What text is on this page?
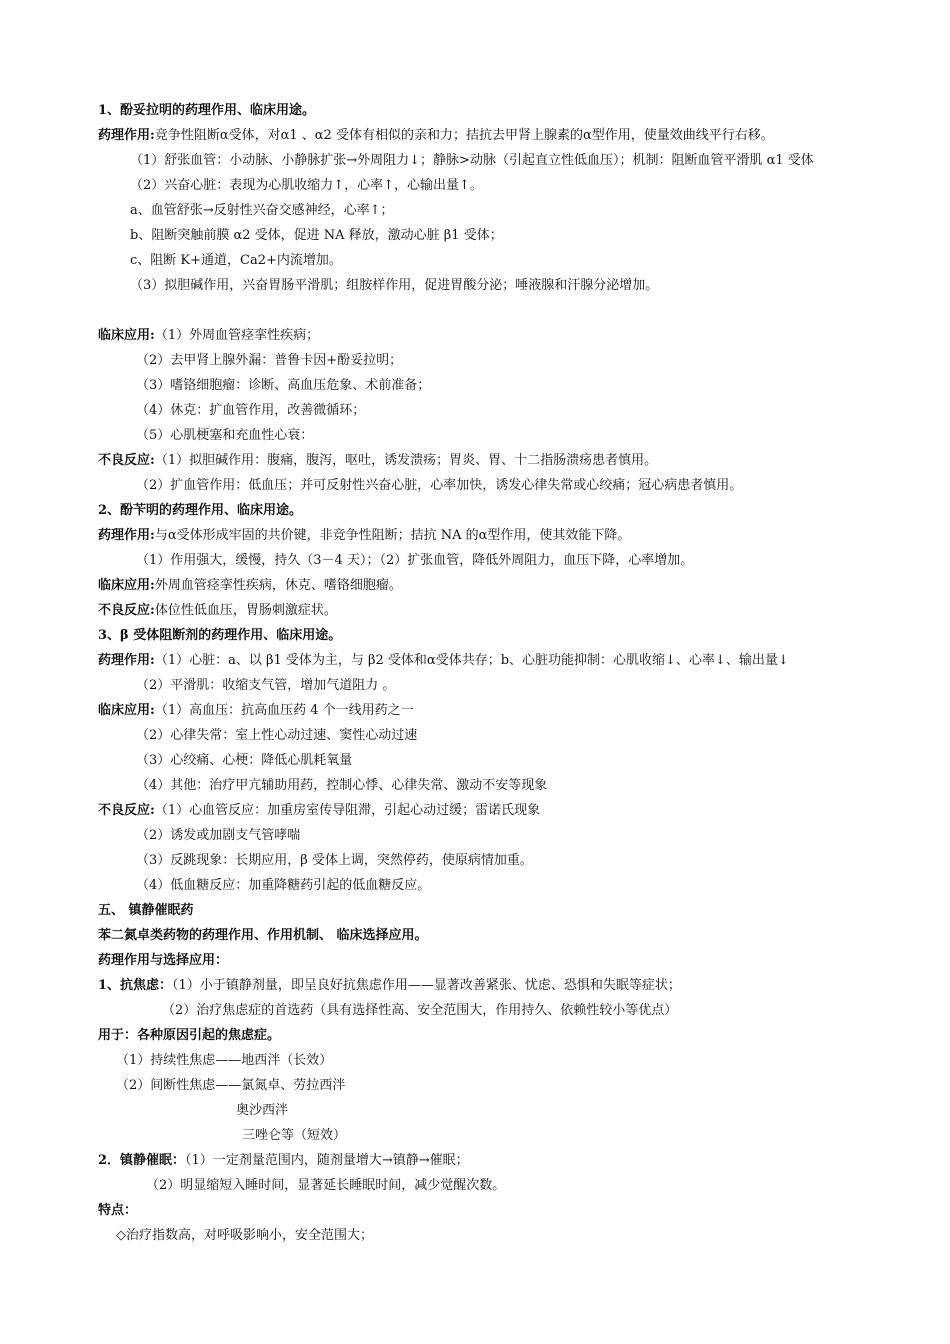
1、酚妥拉明的药理作用、临床用途。
药理作用:竞争性阻断α受体，对α1 、α2 受体有相似的亲和力；拮抗去甲肾上腺素的α型作用，使量效曲线平行右移。
（1）舒张血管：小动脉、小静脉扩张→外周阻力↓；静脉>动脉（引起直立性低血压）；机制：阻断血管平滑肌 α1 受体
（2）兴奋心脏：表现为心肌收缩力↑，心率↑，心输出量↑。
a、血管舒张→反射性兴奋交感神经，心率↑；
b、阻断突触前膜 α2 受体，促进 NA 释放，激动心脏 β1 受体；
c、阻断 K+通道，Ca2+内流增加。
（3）拟胆碱作用，兴奋胃肠平滑肌；组胺样作用，促进胃酸分泌；唾液腺和汗腺分泌增加。
临床应用:（1）外周血管痉挛性疾病；
（2）去甲肾上腺外漏：普鲁卡因+酚妥拉明；
（3）嗜铬细胞瘤：诊断、高血压危象、术前准备；
（4）休克：扩血管作用，改善微循环；
（5）心肌梗塞和充血性心衰：
不良反应:（1）拟胆碱作用：腹痛，腹泻，呕吐，诱发溃疡；胃炎、胃、十二指肠溃疡患者慎用。
（2）扩血管作用：低血压；并可反射性兴奋心脏，心率加快，诱发心律失常或心绞痛；冠心病患者慎用。
2、酚苄明的药理作用、临床用途。
药理作用:与α受体形成牢固的共价键，非竞争性阻断；拮抗 NA 的α型作用，使其效能下降。
（1）作用强大，缓慢，持久（3－4 天）；（2）扩张血管，降低外周阻力，血压下降，心率增加。
临床应用:外周血管痉挛性疾病，休克、嗜铬细胞瘤。
不良反应:体位性低血压，胃肠刺激症状。
3、β 受体阻断剂的药理作用、临床用途。
药理作用:（1）心脏：a、以 β1 受体为主，与 β2 受体和α受体共存；b、心脏功能抑制：心肌收缩↓、心率↓、输出量↓
（2）平滑肌：收缩支气管，增加气道阻力 。
临床应用:（1）高血压：抗高血压药 4 个一线用药之一
（2）心律失常：室上性心动过速、窦性心动过速
（3）心绞痛、心梗：降低心肌耗氧量
（4）其他：治疗甲亢辅助用药，控制心悸、心律失常、激动不安等现象
不良反应:（1）心血管反应：加重房室传导阻滞，引起心动过缓；雷诺氏现象
（2）诱发或加剧支气管哮喘
（3）反跳现象：长期应用，β 受体上调，突然停药，使原病情加重。
（4）低血糖反应：加重降糖药引起的低血糖反应。
五、 镇静催眠药
苯二氮卓类药物的药理作用、作用机制、 临床选择应用。
药理作用与选择应用：
1、抗焦虑：（1）小于镇静剂量，即呈良好抗焦虑作用——显著改善紧张、忧虑、恐惧和失眠等症状；
（2）治疗焦虑症的首选药（具有选择性高、安全范围大，作用持久、依赖性较小等优点）
用于：各种原因引起的焦虑症。
（1）持续性焦虑——地西泮（长效）
（2）间断性焦虑——氯氮卓、劳拉西泮
奥沙西泮
三唑仑等（短效）
2．镇静催眠：（1）一定剂量范围内，随剂量增大→镇静→催眠；
（2）明显缩短入睡时间，显著延长睡眠时间，减少觉醒次数。
特点：
◇治疗指数高，对呼吸影响小，安全范围大；
